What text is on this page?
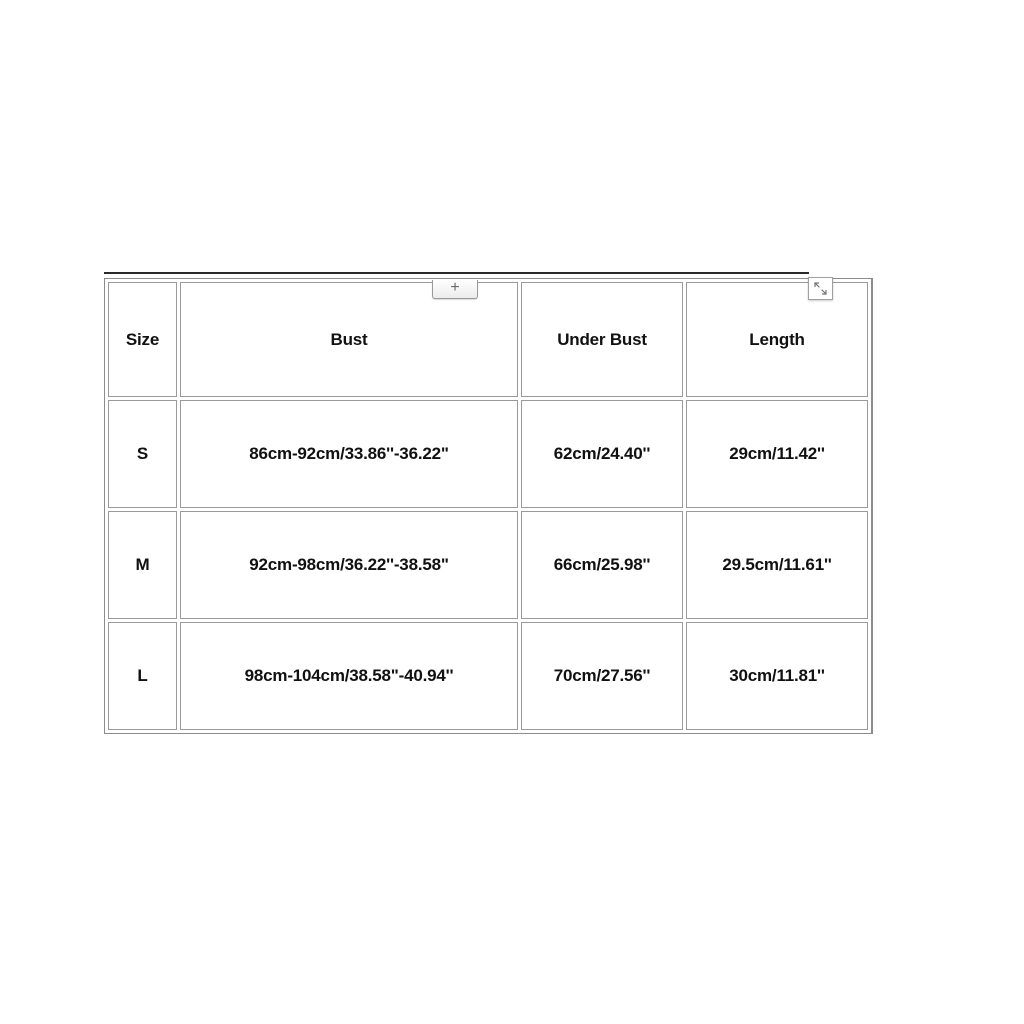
Size	Bust	Under Bust	Length
S	86cm-92cm/33.86''-36.22"	62cm/24.40''	29cm/11.42''
M	92cm-98cm/36.22''-38.58"	66cm/25.98''	29.5cm/11.61''
L	98cm-104cm/38.58"-40.94''	70cm/27.56''	30cm/11.81''
+
